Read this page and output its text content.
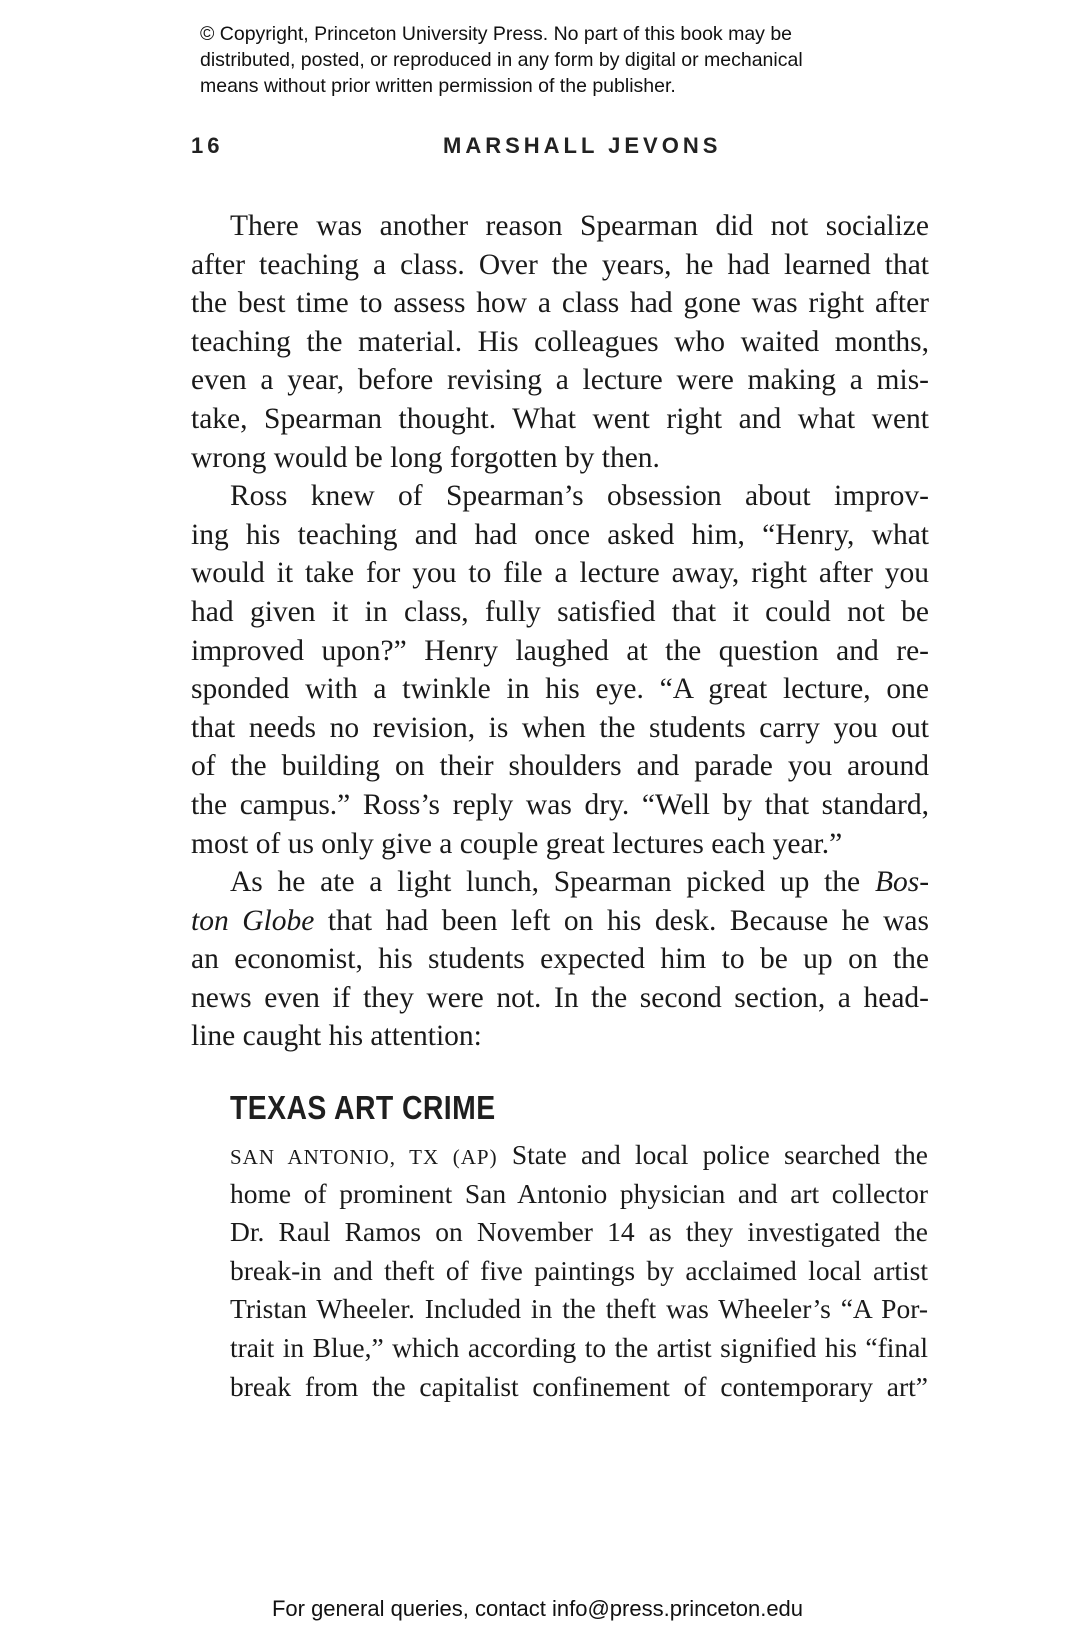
© Copyright, Princeton University Press. No part of this book may be
distributed, posted, or reproduced in any form by digital or mechanical
means without prior written permission of the publisher.
16	MARSHALL JEVONS
There was another reason Spearman did not socialize
after teaching a class. Over the years, he had learned that
the best time to assess how a class had gone was right after
teaching the material. His colleagues who waited months,
even a year, before revising a lecture were making a mis-
take, Spearman thought. What went right and what went
wrong would be long forgotten by then.
Ross knew of Spearman’s obsession about improv-
ing his teaching and had once asked him, “Henry, what
would it take for you to file a lecture away, right after you
had given it in class, fully satisfied that it could not be
improved upon?” Henry laughed at the question and re-
sponded with a twinkle in his eye. “A great lecture, one
that needs no revision, is when the students carry you out
of the building on their shoulders and parade you around
the campus.” Ross’s reply was dry. “Well by that standard,
most of us only give a couple great lectures each year.”
As he ate a light lunch, Spearman picked up the Bos-
ton Globe that had been left on his desk. Because he was
an economist, his students expected him to be up on the
news even if they were not. In the second section, a head-
line caught his attention:
TEXAS ART CRIME
SAN ANTONIO, TX (AP) State and local police searched the
home of prominent San Antonio physician and art collector
Dr. Raul Ramos on November 14 as they investigated the
break-in and theft of five paintings by acclaimed local artist
Tristan Wheeler. Included in the theft was Wheeler’s “A Por-
trait in Blue,” which according to the artist signified his “final
break from the capitalist confinement of contemporary art”
For general queries, contact info@press.princeton.edu
